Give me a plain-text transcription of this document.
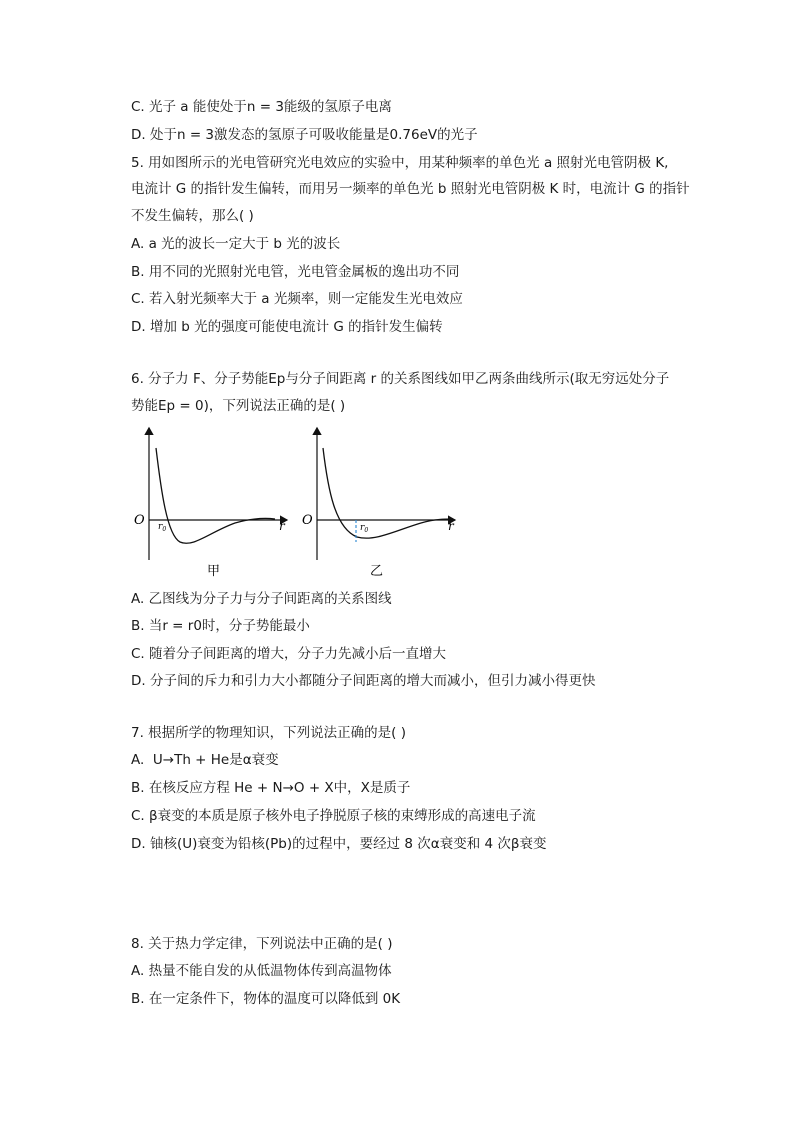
C. 光子 a 能使处于n = 3能级的氢原子电离
D. 处于n = 3激发态的氢原子可吸收能量是0.76eV的光子
5. 用如图所示的光电管研究光电效应的实验中，用某种频率的单色光 a 照射光电管阴极 K,
电流计 G 的指针发生偏转，而用另一频率的单色光 b 照射光电管阴极 K 时，电流计 G 的指针
不发生偏转，那么( )
A. a 光的波长一定大于 b 光的波长
B. 用不同的光照射光电管，光电管金属板的逸出功不同
C. 若入射光频率大于 a 光频率，则一定能发生光电效应
D. 增加 b 光的强度可能使电流计 G 的指针发生偏转
6. 分子力 F、分子势能Ep与分子间距离 r 的关系图线如甲乙两条曲线所示(取无穷远处分子
势能Ep = 0)，下列说法正确的是( )
O	r
$r_0$
甲
O	r
$r_0$
乙
A. 乙图线为分子力与分子间距离的关系图线
B. 当r = r0时，分子势能最小
C. 随着分子间距离的增大，分子力先减小后一直增大
D. 分子间的斥力和引力大小都随分子间距离的增大而减小，但引力减小得更快
7. 根据所学的物理知识，下列说法正确的是( )
A.  U→Th + He是α衰变
B. 在核反应方程 He + N→O + X中，X是质子
C. β衰变的本质是原子核外电子挣脱原子核的束缚形成的高速电子流
D. 铀核(U)衰变为铅核(Pb)的过程中，要经过 8 次α衰变和 4 次β衰变
8. 关于热力学定律，下列说法中正确的是( )
A. 热量不能自发的从低温物体传到高温物体
B. 在一定条件下，物体的温度可以降低到 0K
